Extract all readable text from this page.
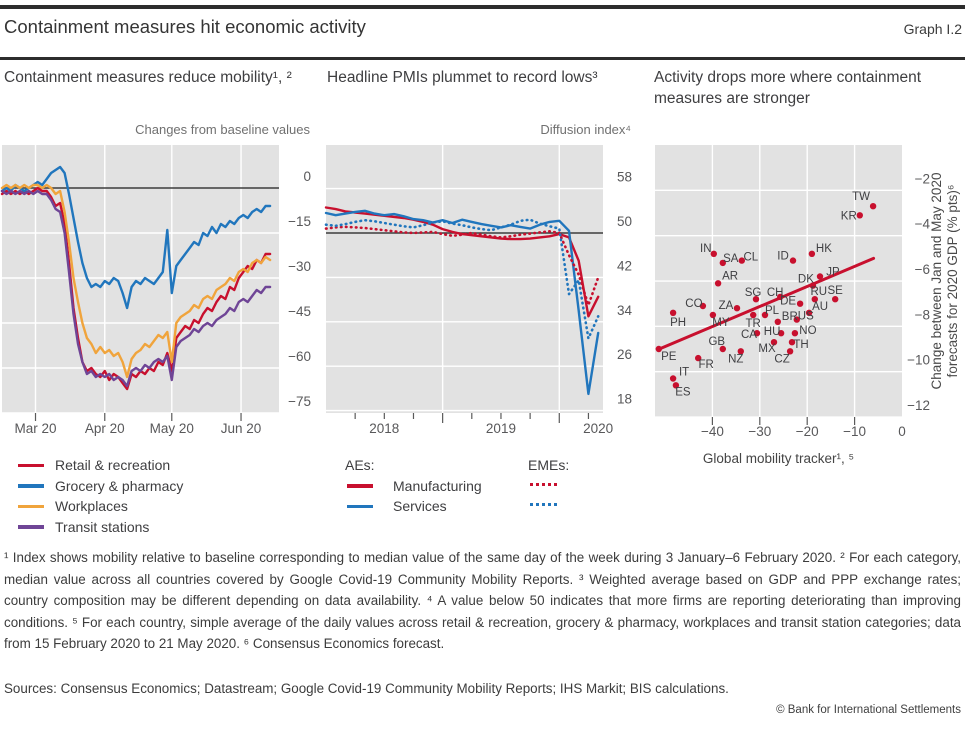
Containment measures hit economic activity	Graph I.2
Containment measures reduce mobility¹, ²	Headline PMIs plummet to record lows³	Activity drops more where containment measures are stronger
Changes from baseline values	Diffusion index⁴
Mar 20 Apr 20 May 20 Jun 20
0
−15
−30
−45
−60
−75
2018	2019	2020
58
50
42
34
26
18
−40 −30 −20 −10 0
−2
−4
−6
−8
−10
−12
TW
KR
HK
IN
SA CL ID
JP
DK
AR
RU SE
CH
SG
DE AU
CO ZA	PL
PH MY TR
BR US
HU NO
CA
MX TH
GB
NZ	CZ
PE
FR
IT
ES
Change between Jan and May 2020 forecasts for 2020 GDP (% pts)⁶
Global mobility tracker¹, ⁵
Retail & recreation
Grocery & pharmacy
Workplaces
Transit stations
AEs:	EMEs:
Manufacturing
Services
¹ Index shows mobility relative to baseline corresponding to median value of the same day of the week during 3 January–6 February 2020. ² For each category, median value across all countries covered by Google Covid-19 Community Mobility Reports. ³ Weighted average based on GDP and PPP exchange rates; country composition may be different depending on data availability. ⁴ A value below 50 indicates that more firms are reporting deteriorating than improving conditions. ⁵ For each country, simple average of the daily values across retail & recreation, grocery & pharmacy, workplaces and transit station categories; data from 15 February 2020 to 21 May 2020. ⁶ Consensus Economics forecast.
Sources: Consensus Economics; Datastream; Google Covid-19 Community Mobility Reports; IHS Markit; BIS calculations.
© Bank for International Settlements
